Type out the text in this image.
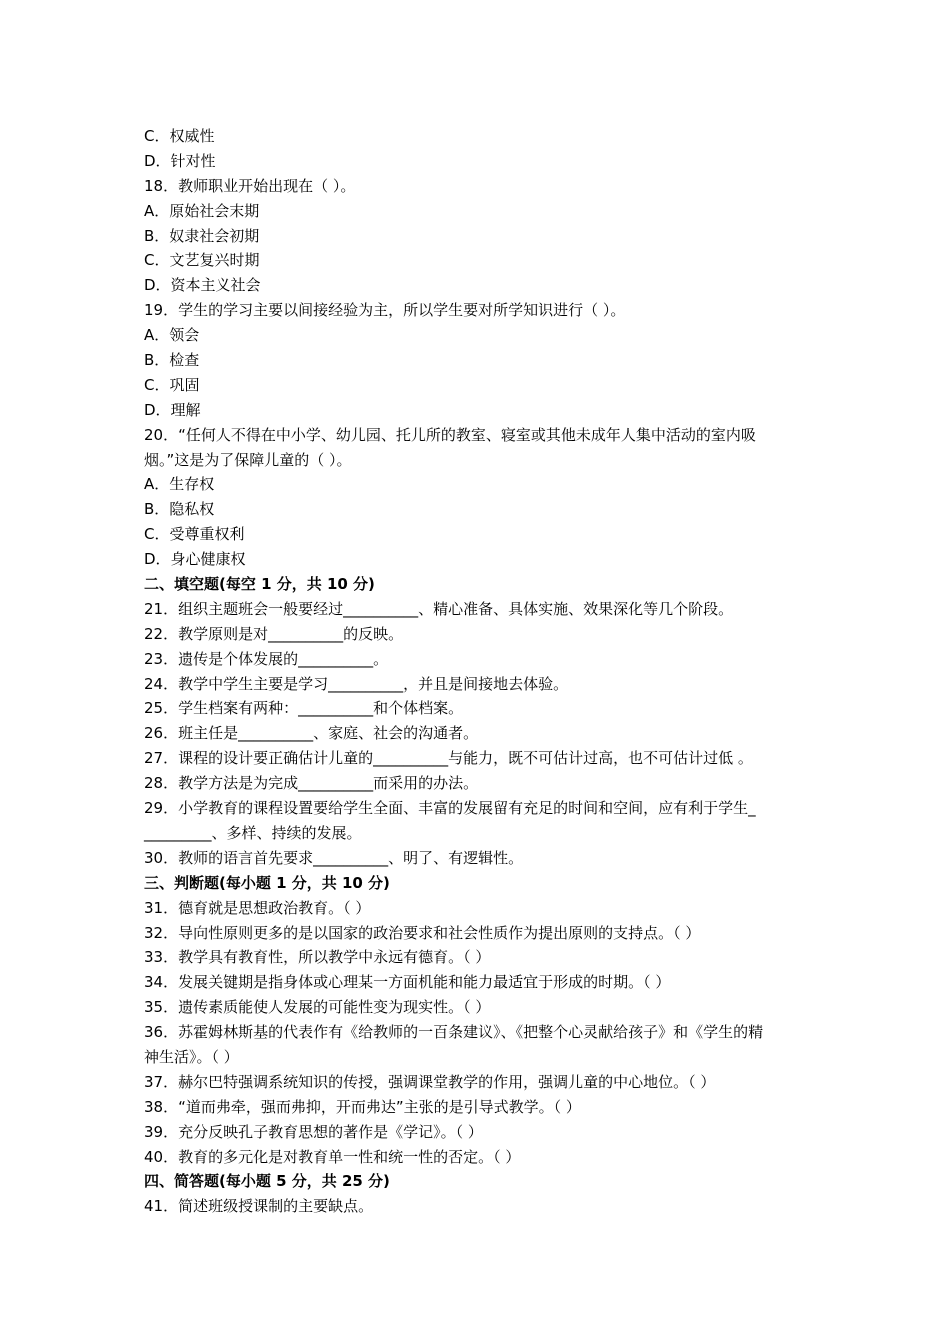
C．权威性
D．针对性
18．教师职业开始出现在（ ）。
A．原始社会末期
B．奴隶社会初期
C．文艺复兴时期
D．资本主义社会
19．学生的学习主要以间接经验为主，所以学生要对所学知识进行（ ）。
A．领会
B．检查
C．巩固
D．理解
20．“任何人不得在中小学、幼儿园、托儿所的教室、寝室或其他未成年人集中活动的室内吸
烟。”这是为了保障儿童的（ ）。
A．生存权
B．隐私权
C．受尊重权利
D．身心健康权
二、填空题(每空 1 分，共 10 分)
21．组织主题班会一般要经过__________、精心准备、具体实施、效果深化等几个阶段。
22．教学原则是对__________的反映。
23．遗传是个体发展的__________。
24．教学中学生主要是学习__________，并且是间接地去体验。
25．学生档案有两种：__________和个体档案。
26．班主任是__________、家庭、社会的沟通者。
27．课程的设计要正确估计儿童的__________与能力，既不可估计过高，也不可估计过低 。
28．教学方法是为完成__________而采用的办法。
29．小学教育的课程设置要给学生全面、丰富的发展留有充足的时间和空间，应有利于学生_
_________、多样、持续的发展。
30．教师的语言首先要求__________、明了、有逻辑性。
三、判断题(每小题 1 分，共 10 分)
31．德育就是思想政治教育。（ ）
32．导向性原则更多的是以国家的政治要求和社会性质作为提出原则的支持点。（ ）
33．教学具有教育性，所以教学中永远有德育。（ ）
34．发展关键期是指身体或心理某一方面机能和能力最适宜于形成的时期。（ ）
35．遗传素质能使人发展的可能性变为现实性。（ ）
36．苏霍姆林斯基的代表作有《给教师的一百条建议》、《把整个心灵献给孩子》和《学生的精
神生活》。（ ）
37．赫尔巴特强调系统知识的传授，强调课堂教学的作用，强调儿童的中心地位。（ ）
38．“道而弗牵，强而弗抑，开而弗达”主张的是引导式教学。（ ）
39．充分反映孔子教育思想的著作是《学记》。（ ）
40．教育的多元化是对教育单一性和统一性的否定。（ ）
四、简答题(每小题 5 分，共 25 分)
41．简述班级授课制的主要缺点。
